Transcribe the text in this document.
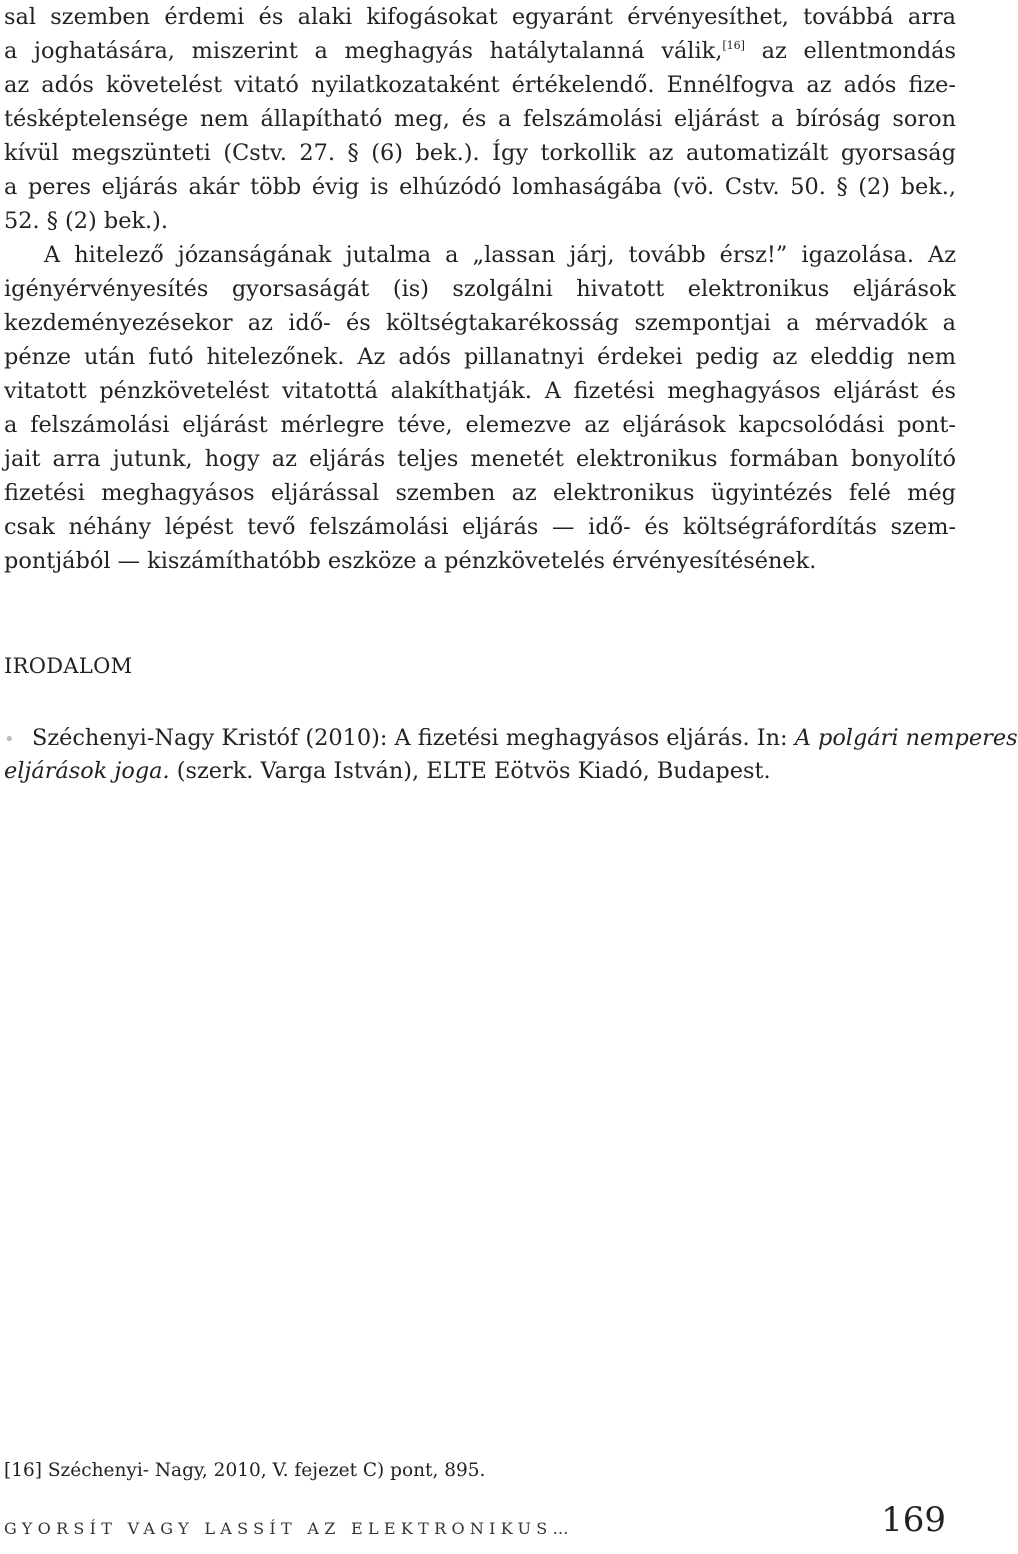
sal szemben érdemi és alaki kifogásokat egyaránt érvényesíthet, továbbá arra
a joghatására, miszerint a meghagyás hatálytalanná válik,[16] az ellentmondás
az adós követelést vitató nyilatkozataként értékelendő. Ennélfogva az adós fize-
tésképtelensége nem állapítható meg, és a felszámolási eljárást a bíróság soron
kívül megszünteti (Cstv. 27. § (6) bek.). Így torkollik az automatizált gyorsaság
a peres eljárás akár több évig is elhúzódó lomhaságába (vö. Cstv. 50. § (2) bek.,
52. § (2) bek.).
A hitelező józanságának jutalma a „lassan járj, tovább érsz!” igazolása. Az
igényérvényesítés gyorsaságát (is) szolgálni hivatott elektronikus eljárások
kezdeményezésekor az idő- és költségtakarékosság szempontjai a mérvadók a
pénze után futó hitelezőnek. Az adós pillanatnyi érdekei pedig az eleddig nem
vitatott pénzkövetelést vitatottá alakíthatják. A fizetési meghagyásos eljárást és
a felszámolási eljárást mérlegre téve, elemezve az eljárások kapcsolódási pont-
jait arra jutunk, hogy az eljárás teljes menetét elektronikus formában bonyolító
fizetési meghagyásos eljárással szemben az elektronikus ügyintézés felé még
csak néhány lépést tevő felszámolási eljárás — idő- és költségráfordítás szem-
pontjából — kiszámíthatóbb eszköze a pénzkövetelés érvényesítésének.
IRODALOM
• Széchenyi-Nagy Kristóf (2010): A fizetési meghagyásos eljárás. In: A polgári nemperes
eljárások joga. (szerk. Varga István), ELTE Eötvös Kiadó, Budapest.
[16] Széchenyi- Nagy, 2010, V. fejezet C) pont, 895.
GYORSÍT VAGY LASSÍT AZ ELEKTRONIKUS…	169
